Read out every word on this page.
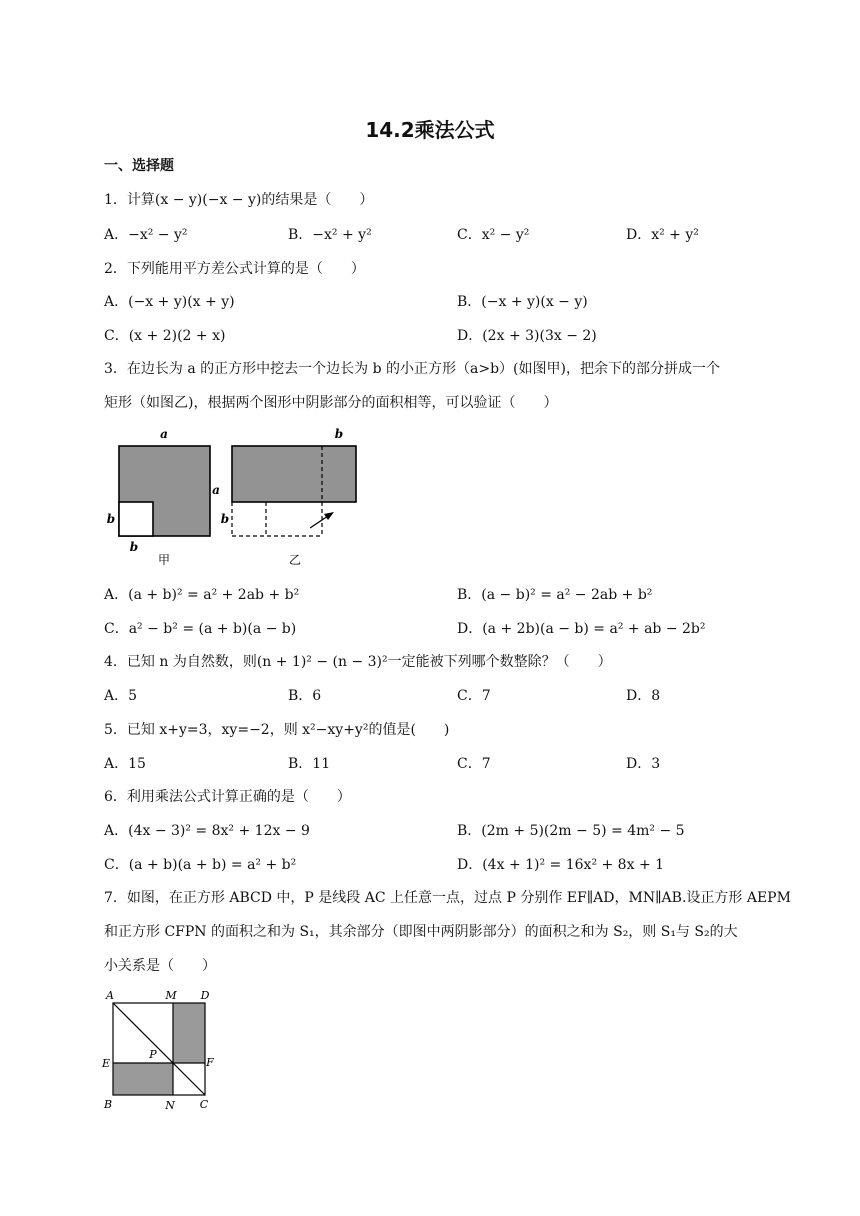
14.2乘法公式
一、选择题
1．计算(x − y)(−x − y)的结果是（　　）
A．−x² − y²	B．−x² + y²	C．x² − y²	D．x² + y²
2．下列能用平方差公式计算的是（　　）
A．(−x + y)(x + y)	B．(−x + y)(x − y)
C．(x + 2)(2 + x)	D．(2x + 3)(3x − 2)
3．在边长为 a 的正方形中挖去一个边长为 b 的小正方形（a>b）(如图甲)，把余下的部分拼成一个
矩形（如图乙)，根据两个图形中阴影部分的面积相等，可以验证（　　）
a
a
b
b
b
b
甲	乙
A．(a + b)² = a² + 2ab + b²	B．(a − b)² = a² − 2ab + b²
C．a² − b² = (a + b)(a − b)	D．(a + 2b)(a − b) = a² + ab − 2b²
4．已知 n 为自然数，则(n + 1)² − (n − 3)²一定能被下列哪个数整除？（　　）
A．5	B．6	C．7	D．8
5．已知 x+y=3，xy=−2，则 x²−xy+y²的值是(　　)
A．15	B．11	C．7	D．3
6．利用乘法公式计算正确的是（　　）
A．(4x − 3)² = 8x² + 12x − 9	B．(2m + 5)(2m − 5) = 4m² − 5
C．(a + b)(a + b) = a² + b²	D．(4x + 1)² = 16x² + 8x + 1
7．如图，在正方形 ABCD 中，P 是线段 AC 上任意一点，过点 P 分别作 EF∥AD，MN∥AB.设正方形 AEPM
和正方形 CFPN 的面积之和为 S₁，其余部分（即图中两阴影部分）的面积之和为 S₂，则 S₁与 S₂的大
小关系是（　　）
A	M D
E
P
F
B	N C
